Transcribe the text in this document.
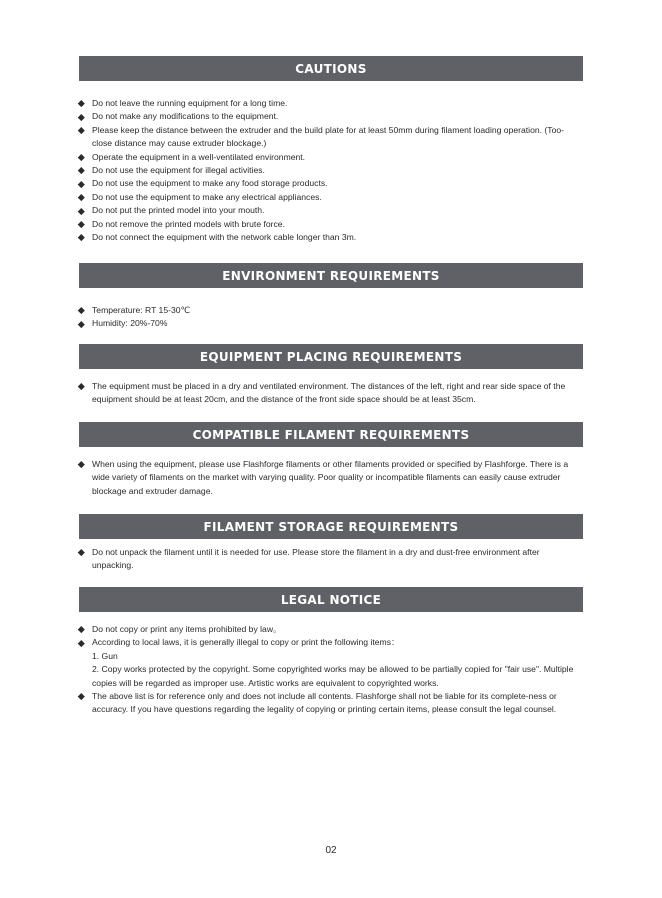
CAUTIONS
Do not leave the running equipment for a long time.
Do not make any modifications to the equipment.
Please keep the distance between the extruder and the build plate for at least 50mm during filament loading operation. (Too-close distance may cause extruder blockage.)
Operate the equipment in a well-ventilated environment.
Do not use the equipment for illegal activities.
Do not use the equipment to make any food storage products.
Do not use the equipment to make any electrical appliances.
Do not put the printed model into your mouth.
Do not remove the printed models with brute force.
Do not connect the equipment with the network cable longer than 3m.
ENVIRONMENT REQUIREMENTS
Temperature: RT 15-30℃
Humidity: 20%-70%
EQUIPMENT PLACING REQUIREMENTS
The equipment must be placed in a dry and ventilated environment. The distances of the left, right and rear side space of the equipment should be at least 20cm, and the distance of the front side space should be at least 35cm.
COMPATIBLE FILAMENT REQUIREMENTS
When using the equipment, please use Flashforge filaments or other filaments provided or specified by Flashforge. There is a wide variety of filaments on the market with varying quality. Poor quality or incompatible filaments can easily cause extruder blockage and extruder damage.
FILAMENT STORAGE REQUIREMENTS
Do not unpack the filament until it is needed for use. Please store the filament in a dry and dust-free environment after unpacking.
LEGAL NOTICE
Do not copy or print any items prohibited by law。
According to local laws, it is generally illegal to copy or print the following items：
1. Gun
2. Copy works protected by the copyright. Some copyrighted works may be allowed to be partially copied for "fair use". Multiple copies will be regarded as improper use. Artistic works are equivalent to copyrighted works.
The above list is for reference only and does not include all contents. Flashforge shall not be liable for its complete-ness or accuracy. If you have questions regarding the legality of copying or printing certain items, please consult the legal counsel.
02
